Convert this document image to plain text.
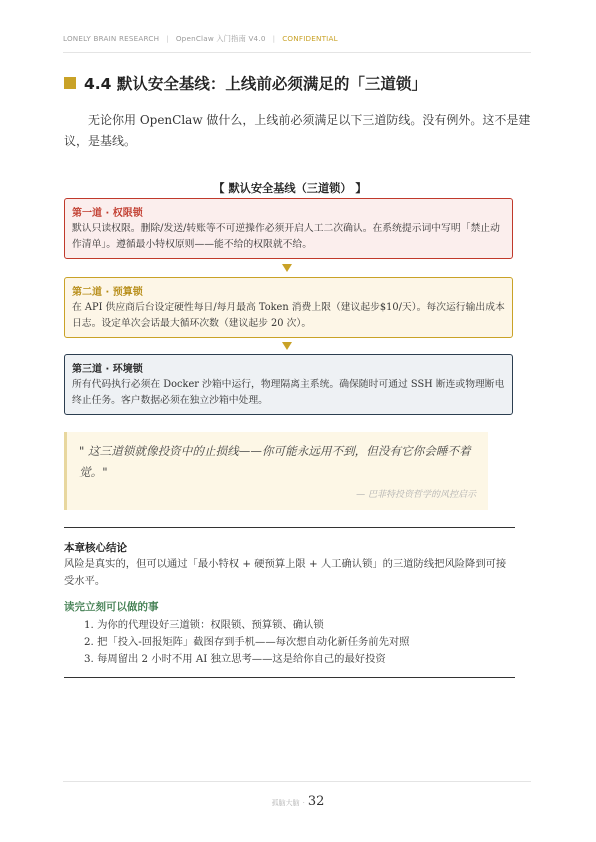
LONELY BRAIN RESEARCH | OpenClaw 入门指南 V4.0 | CONFIDENTIAL
4.4 默认安全基线：上线前必须满足的「三道锁」

无论你用 OpenClaw 做什么，上线前必须满足以下三道防线。没有例外。这不是建议，是基线。

【 默认安全基线（三道锁） 】
第一道 · 权限锁
默认只读权限。删除/发送/转账等不可逆操作必须开启人工二次确认。在系统提示词中写明「禁止动作清单」。遵循最小特权原则——能不给的权限就不给。
第二道 · 预算锁
在 API 供应商后台设定硬性每日/每月最高 Token 消费上限（建议起步$10/天）。每次运行输出成本日志。设定单次会话最大循环次数（建议起步 20 次）。
第三道 · 环境锁
所有代码执行必须在 Docker 沙箱中运行，物理隔离主系统。确保随时可通过 SSH 断连或物理断电终止任务。客户数据必须在独立沙箱中处理。
" 这三道锁就像投资中的止损线——你可能永远用不到，但没有它你会睡不着觉。"
— 巴菲特投资哲学的风控启示
本章核心结论
风险是真实的，但可以通过「最小特权 + 硬预算上限 + 人工确认锁」的三道防线把风险降到可接受水平。
读完立刻可以做的事
1. 为你的代理设好三道锁：权限锁、预算锁、确认锁
2. 把「投入-回报矩阵」截图存到手机——每次想自动化新任务前先对照
3. 每周留出 2 小时不用 AI 独立思考——这是给你自己的最好投资
孤脑大脑 · 32
